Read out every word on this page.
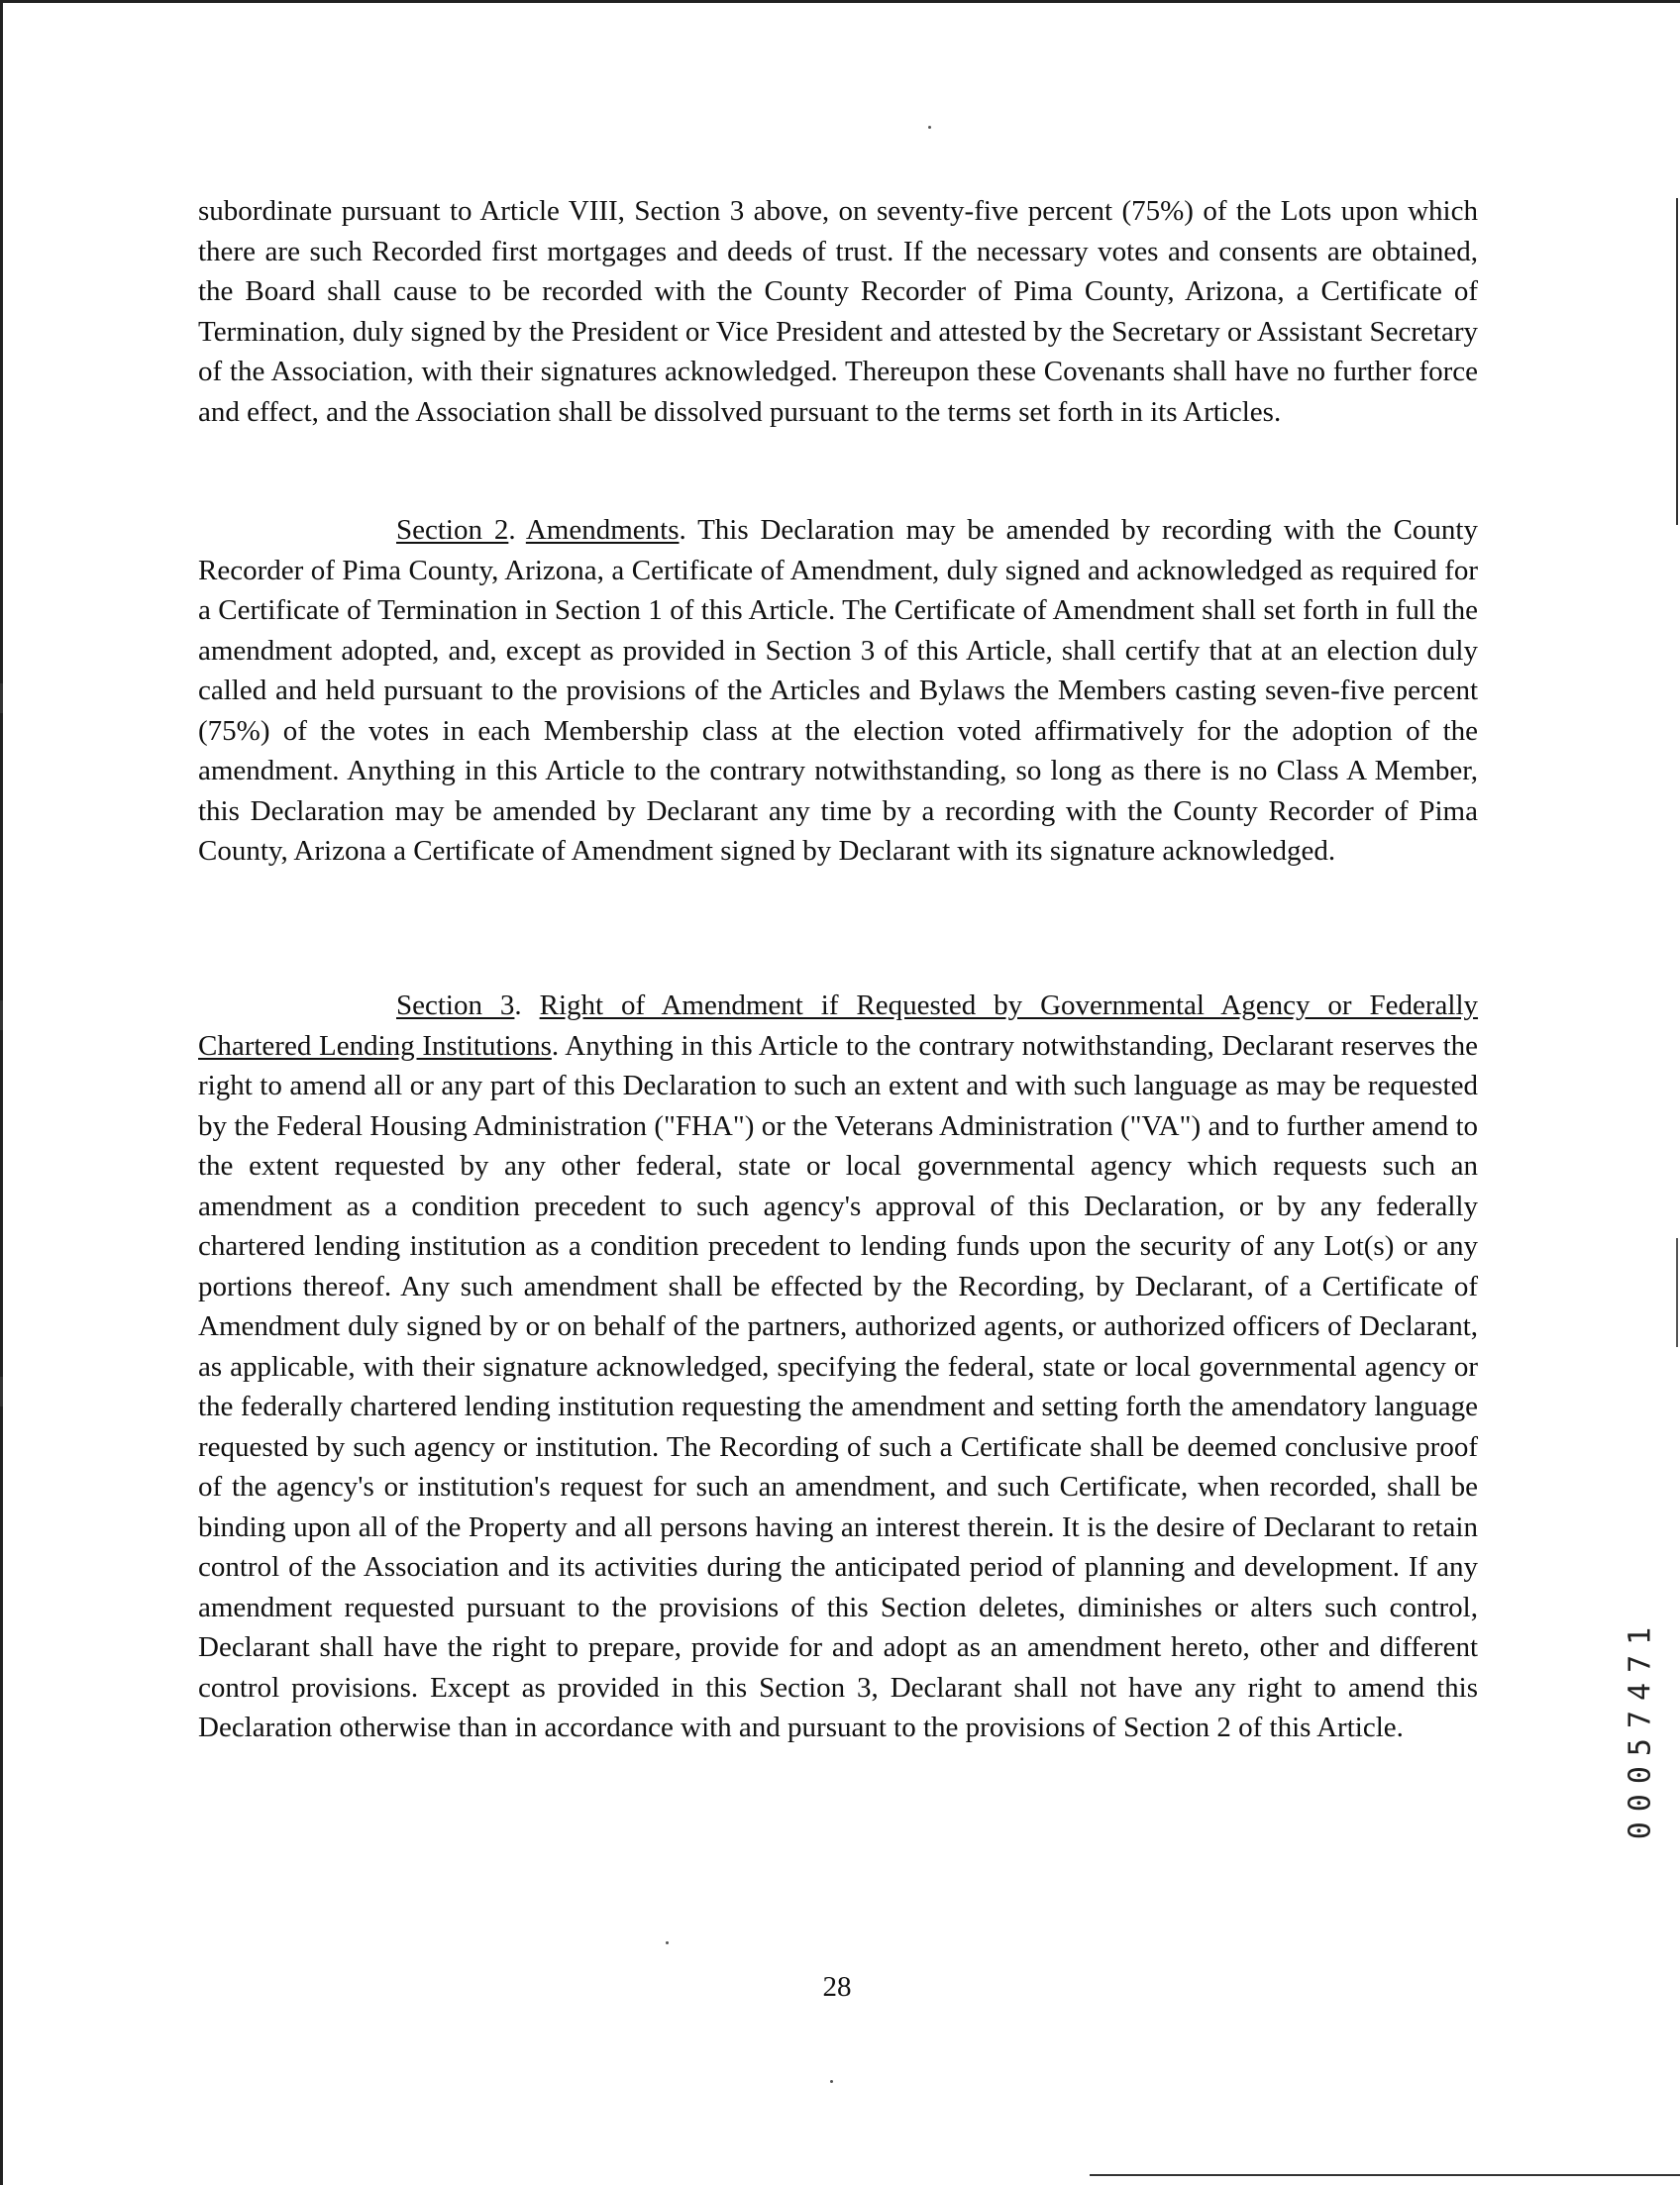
subordinate pursuant to Article VIII, Section 3 above, on seventy-five percent (75%) of the Lots upon which there are such Recorded first mortgages and deeds of trust. If the necessary votes and consents are obtained, the Board shall cause to be recorded with the County Recorder of Pima County, Arizona, a Certificate of Termination, duly signed by the President or Vice President and attested by the Secretary or Assistant Secretary of the Association, with their signatures acknowledged. Thereupon these Covenants shall have no further force and effect, and the Association shall be dissolved pursuant to the terms set forth in its Articles.

Section 2. Amendments. This Declaration may be amended by recording with the County Recorder of Pima County, Arizona, a Certificate of Amendment, duly signed and acknowledged as required for a Certificate of Termination in Section 1 of this Article. The Certificate of Amendment shall set forth in full the amendment adopted, and, except as provided in Section 3 of this Article, shall certify that at an election duly called and held pursuant to the provisions of the Articles and Bylaws the Members casting seven-five percent (75%) of the votes in each Membership class at the election voted affirmatively for the adoption of the amendment. Anything in this Article to the contrary notwithstanding, so long as there is no Class A Member, this Declaration may be amended by Declarant any time by a recording with the County Recorder of Pima County, Arizona a Certificate of Amendment signed by Declarant with its signature acknowledged.

Section 3. Right of Amendment if Requested by Governmental Agency or Federally Chartered Lending Institutions. Anything in this Article to the contrary notwithstanding, Declarant reserves the right to amend all or any part of this Declaration to such an extent and with such language as may be requested by the Federal Housing Administration ("FHA") or the Veterans Administration ("VA") and to further amend to the extent requested by any other federal, state or local governmental agency which requests such an amendment as a condition precedent to such agency's approval of this Declaration, or by any federally chartered lending institution as a condition precedent to lending funds upon the security of any Lot(s) or any portions thereof. Any such amendment shall be effected by the Recording, by Declarant, of a Certificate of Amendment duly signed by or on behalf of the partners, authorized agents, or authorized officers of Declarant, as applicable, with their signature acknowledged, specifying the federal, state or local governmental agency or the federally chartered lending institution requesting the amendment and setting forth the amendatory language requested by such agency or institution. The Recording of such a Certificate shall be deemed conclusive proof of the agency's or institution's request for such an amendment, and such Certificate, when recorded, shall be binding upon all of the Property and all persons having an interest therein. It is the desire of Declarant to retain control of the Association and its activities during the anticipated period of planning and development. If any amendment requested pursuant to the provisions of this Section deletes, diminishes or alters such control, Declarant shall have the right to prepare, provide for and adopt as an amendment hereto, other and different control provisions. Except as provided in this Section 3, Declarant shall not have any right to amend this Declaration otherwise than in accordance with and pursuant to the provisions of Section 2 of this Article.

28
00057471
